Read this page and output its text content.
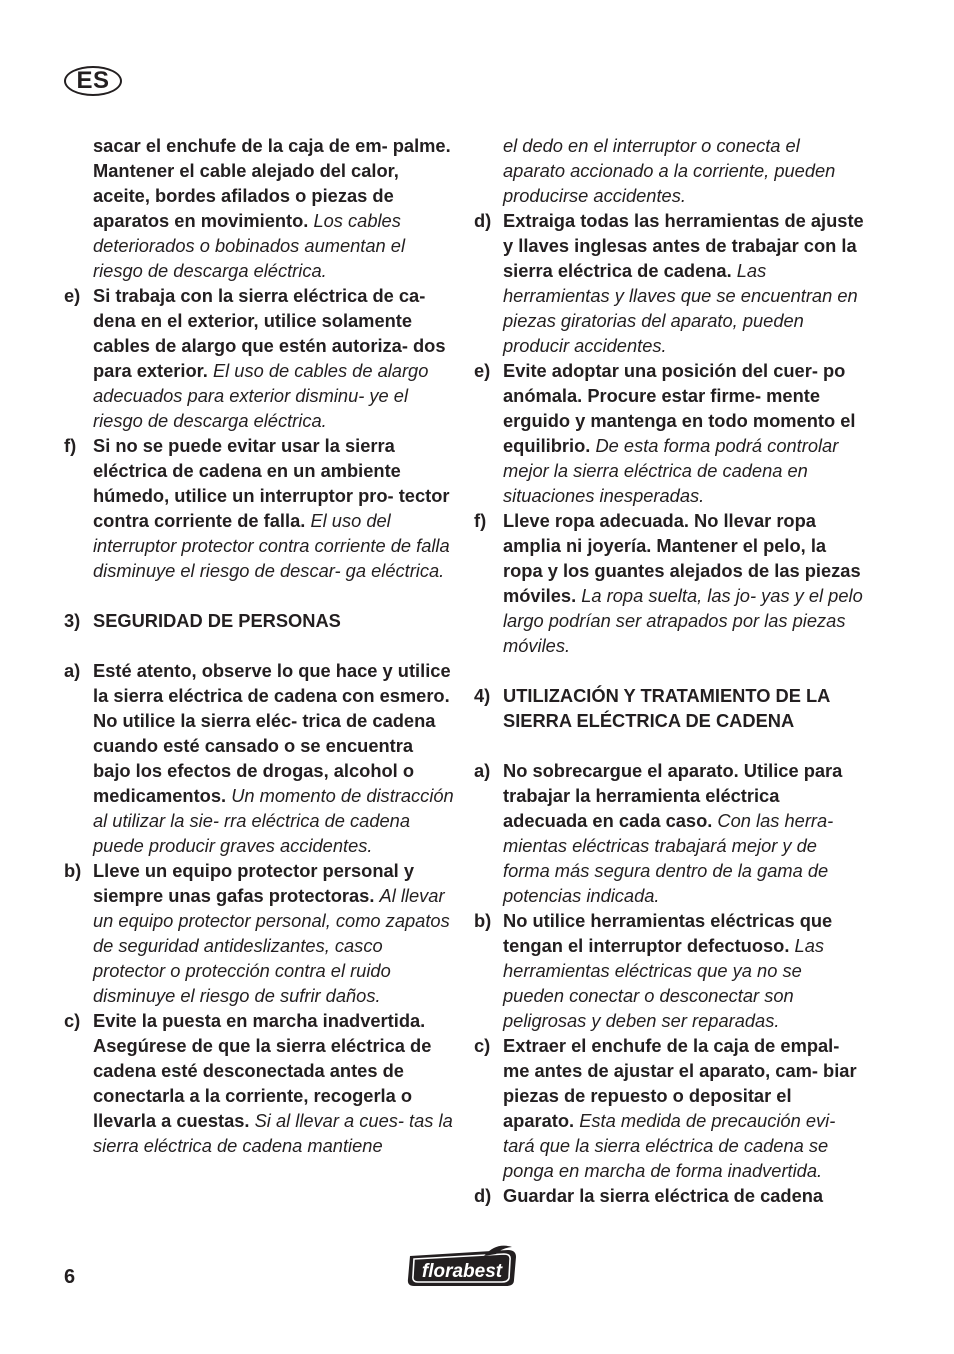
ES

sacar el enchufe de la caja de em- palme. Mantener el cable alejado del calor, aceite, bordes afilados o piezas de aparatos en movimiento. Los cables deteriorados o bobinados aumentan el riesgo de descarga eléctrica.

e) Si trabaja con la sierra eléctrica de ca- dena en el exterior, utilice solamente cables de alargo que estén autoriza- dos para exterior. El uso de cables de alargo adecuados para exterior disminu- ye el riesgo de descarga eléctrica.

f) Si no se puede evitar usar la sierra eléctrica de cadena en un ambiente húmedo, utilice un interruptor pro- tector contra corriente de falla. El uso del interruptor protector contra corriente de falla disminuye el riesgo de descar- ga eléctrica.

3) SEGURIDAD DE PERSONAS

a) Esté atento, observe lo que hace y utilice la sierra eléctrica de cadena con esmero. No utilice la sierra eléc- trica de cadena cuando esté cansado o se encuentra bajo los efectos de drogas, alcohol o medicamentos. Un momento de distracción al utilizar la sie- rra eléctrica de cadena puede producir graves accidentes.

b) Lleve un equipo protector personal y siempre unas gafas protectoras. Al llevar un equipo protector personal, como zapatos de seguridad antideslizantes, casco protector o protección contra el ruido disminuye el riesgo de sufrir daños.

c) Evite la puesta en marcha inadvertida. Asegúrese de que la sierra eléctrica de cadena esté desconectada antes de conectarla a la corriente, recogerla o llevarla a cuestas. Si al llevar a cues- tas la sierra eléctrica de cadena mantiene

el dedo en el interruptor o conecta el aparato accionado a la corriente, pueden producirse accidentes.

d) Extraiga todas las herramientas de ajuste y llaves inglesas antes de trabajar con la sierra eléctrica de cadena. Las herramientas y llaves que se encuentran en piezas giratorias del aparato, pueden producir accidentes.

e) Evite adoptar una posición del cuer- po anómala. Procure estar firme- mente erguido y mantenga en todo momento el equilibrio. De esta forma podrá controlar mejor la sierra eléctrica de cadena en situaciones inesperadas.

f) Lleve ropa adecuada. No llevar ropa amplia ni joyería. Mantener el pelo, la ropa y los guantes alejados de las piezas móviles. La ropa suelta, las jo- yas y el pelo largo podrían ser atrapados por las piezas móviles.

4) UTILIZACIÓN Y TRATAMIENTO DE LA SIERRA ELÉCTRICA DE CADENA

a) No sobrecargue el aparato. Utilice para trabajar la herramienta eléctrica adecuada en cada caso. Con las herra- mientas eléctricas trabajará mejor y de forma más segura dentro de la gama de potencias indicada.

b) No utilice herramientas eléctricas que tengan el interruptor defectuoso. Las herramientas eléctricas que ya no se pueden conectar o desconectar son peligrosas y deben ser reparadas.

c) Extraer el enchufe de la caja de empal- me antes de ajustar el aparato, cam- biar piezas de repuesto o depositar el aparato. Esta medida de precaución evi- tará que la sierra eléctrica de cadena se ponga en marcha de forma inadvertida.

d) Guardar la sierra eléctrica de cadena

6	florabest
